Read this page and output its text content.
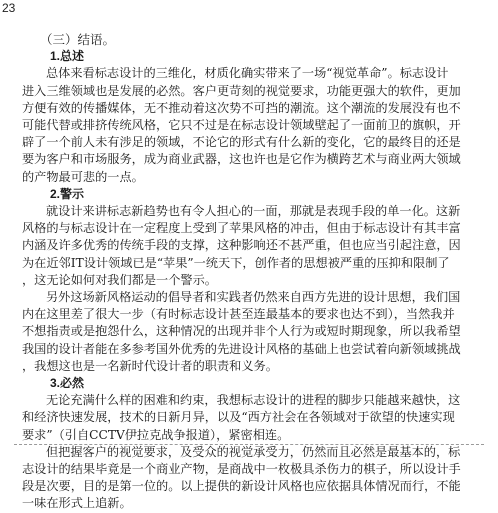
23
（三）结语。
1.总述
总体来看标志设计的三维化，材质化确实带来了一场“视觉革命”。标志设计
进入三维领域也是发展的必然。客户更苛刻的视觉要求，功能更强大的软件，更加
方便有效的传播媒体，无不推动着这次势不可挡的潮流。这个潮流的发展没有也不
可能代替或排挤传统风格，它只不过是在标志设计领域壁起了一面前卫的旗帜，开
辟了一个前人未有涉足的领域，不论它的形式有什么新的变化，它的最终目的还是
要为客户和市场服务，成为商业武器，这也许也是它作为横跨艺术与商业两大领域
的产物最可悲的一点。
2.警示
就设计来讲标志新趋势也有令人担心的一面，那就是表现手段的单一化。这新
风格的与标志设计在一定程度上受到了苹果风格的冲击，但由于标志设计有其丰富
内涵及许多优秀的传统手段的支撑，这种影响还不甚严重，但也应当引起注意，因
为在近邻IT设计领域已是“苹果”一统天下，创作者的思想被严重的压抑和限制了
，这无论如何对我们都是一个警示。
另外这场新风格运动的倡导者和实践者仍然来自西方先进的设计思想，我们国
内在这里差了很大一步（有时标志设计甚至连最基本的要求也达不到），当然我并
不想指责或是抱怨什么，这种情况的出现并非个人行为或短时期现象，所以我希望
我国的设计者能在多参考国外优秀的先进设计风格的基础上也尝试着向新领域挑战
，我想这也是一名新时代设计者的职责和义务。
3.必然
无论充满什么样的困难和约束，我想标志设计的进程的脚步只能越来越快，这
和经济快速发展，技术的日新月异，以及“西方社会在各领域对于欲望的快速实现
要求”（引自CCTV伊拉克战争报道），紧密相连。
但把握客户的视觉要求，及受众的视觉承受力，仍然而且必然是最基本的，标
志设计的结果毕竟是一个商业产物，是商战中一枚极具杀伤力的棋子，所以设计手
段是次要，目的是第一位的。以上提供的新设计风格也应依据具体情况而行，不能
一味在形式上追新。
